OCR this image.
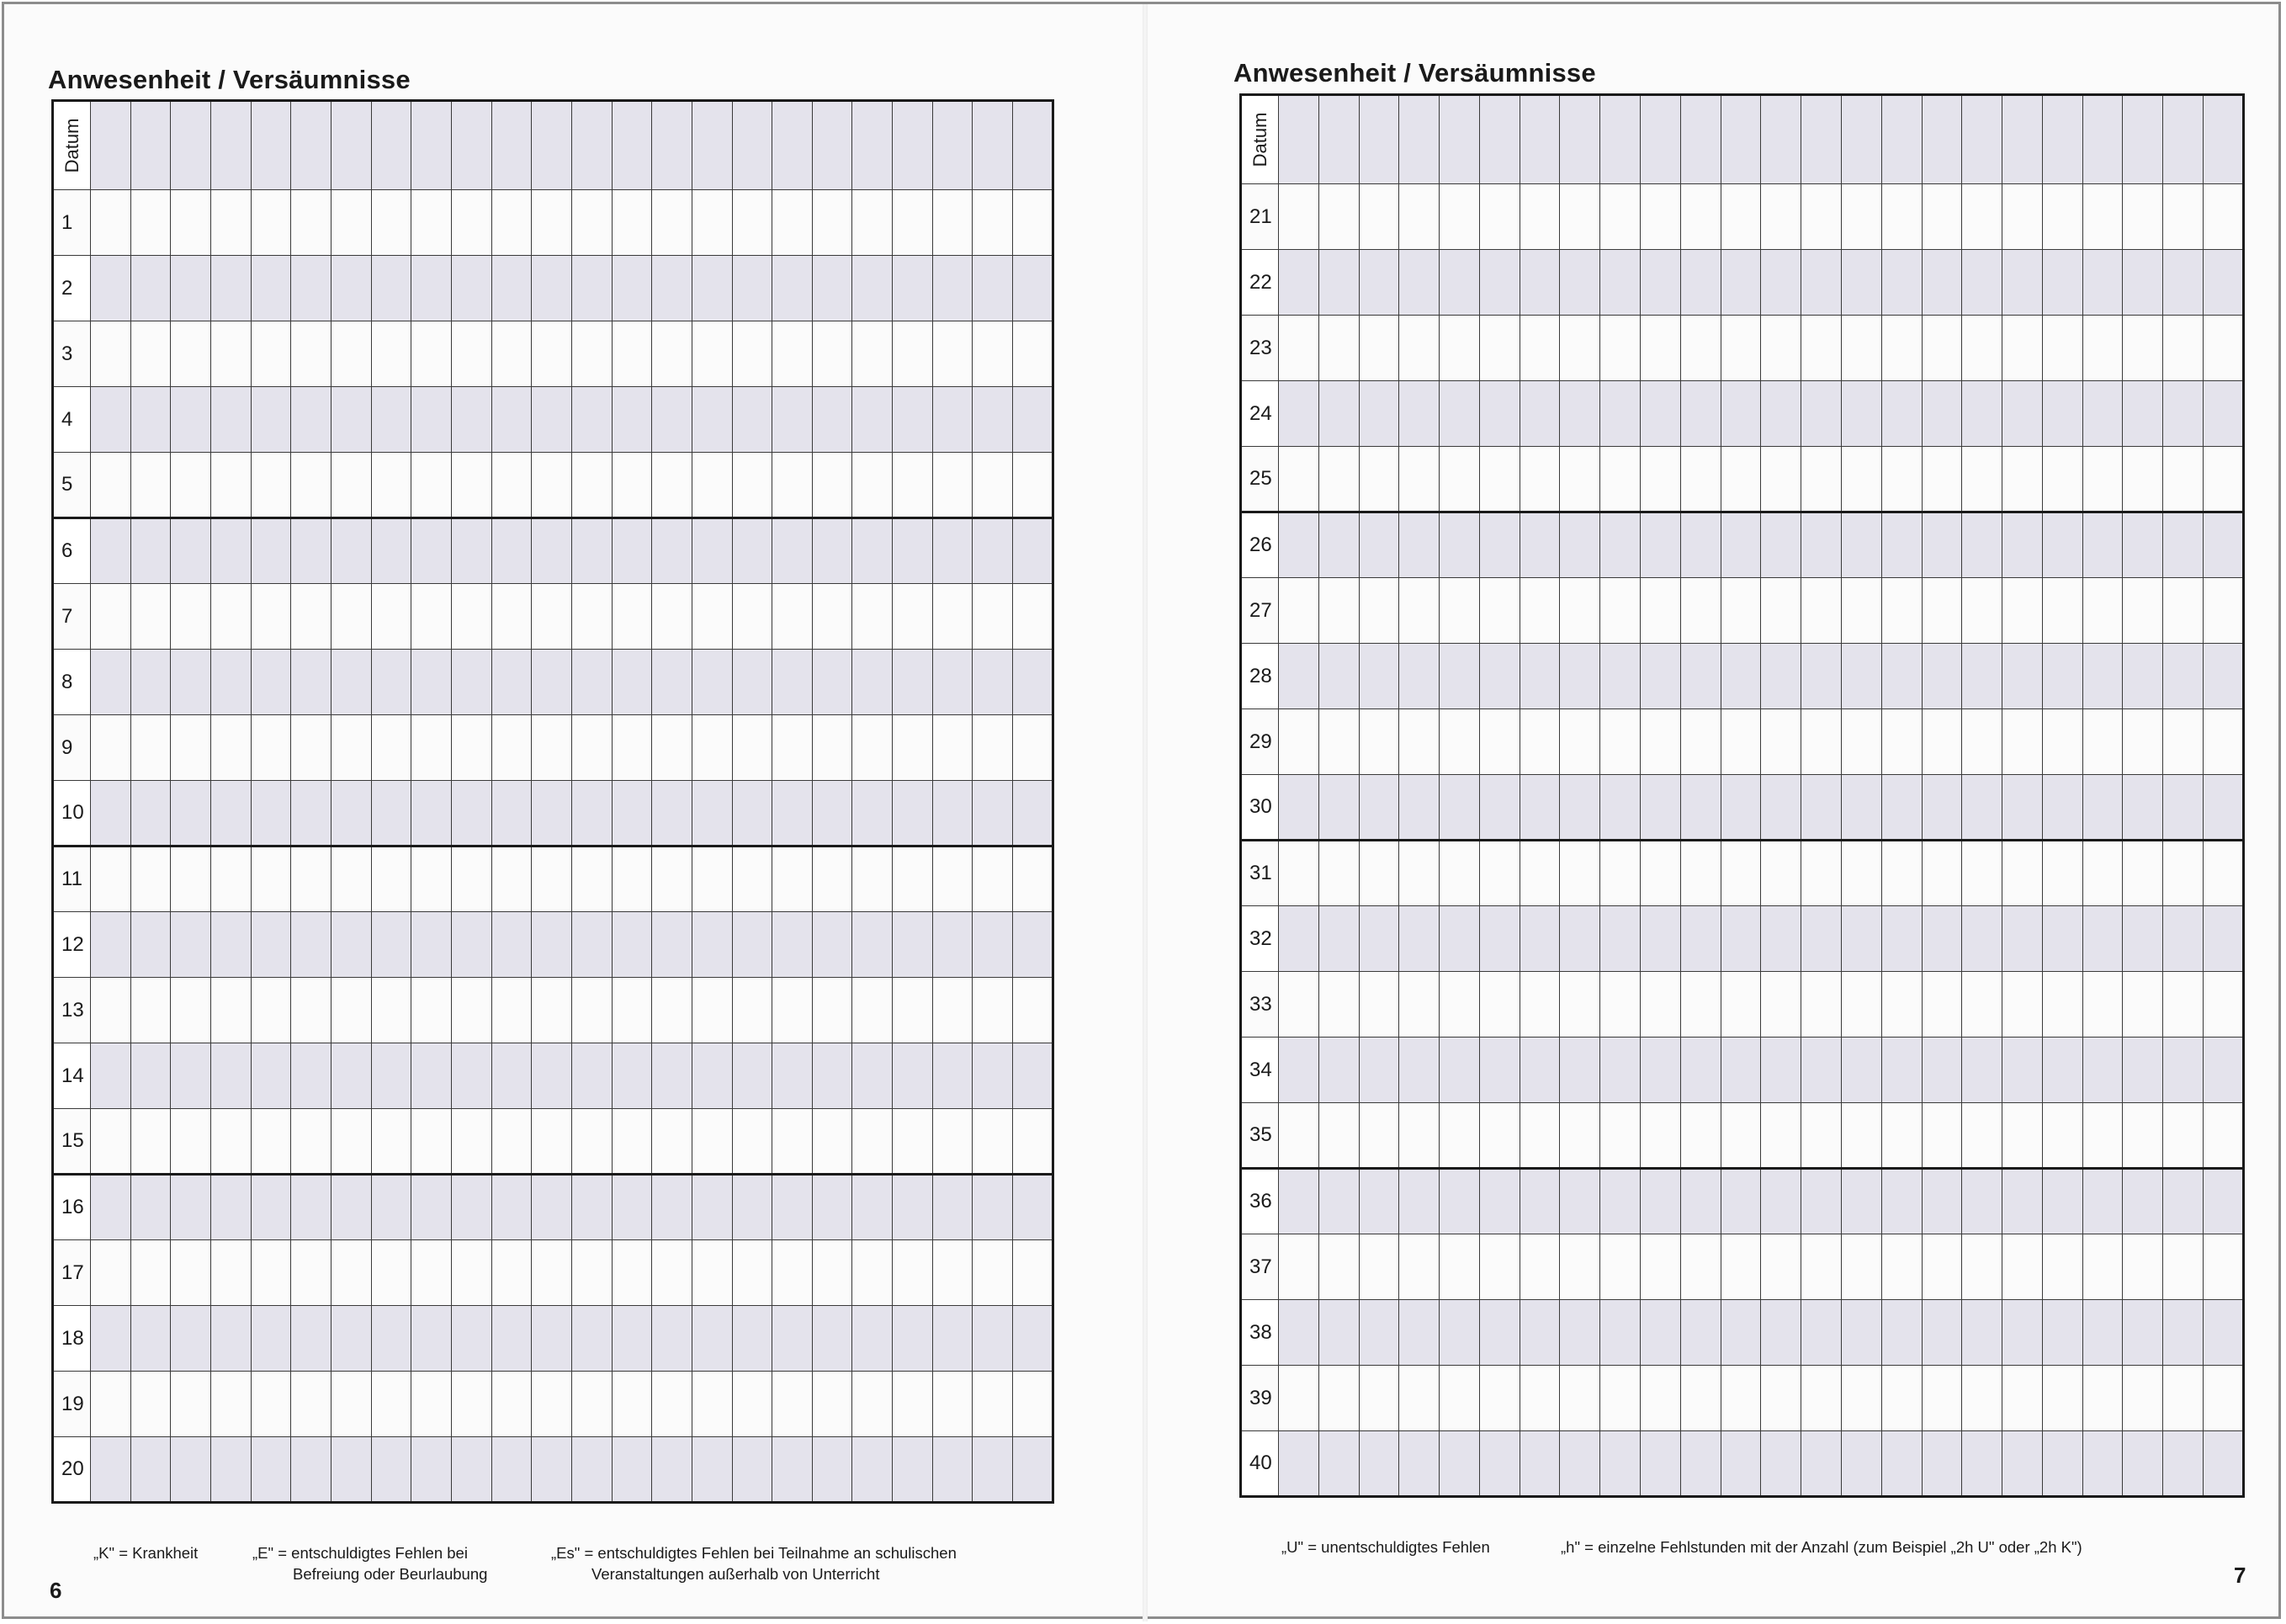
Anwesenheit / Versäumnisse
Datum																								

1																								
2																								
3																								
4																								
5																								
6																								
7																								
8																								
9																								
10																								
11																								
12																								
13																								
14																								
15																								
16																								
17																								
18																								
19																								
20																								
„K" = Krankheit	„E" = entschuldigtes Fehlen bei
Befreiung oder Beurlaubung
„Es" = entschuldigtes Fehlen bei Teilnahme an schulischen
Veranstaltungen außerhalb von Unterricht
6
Anwesenheit / Versäumnisse
Datum																								

21																								
22																								
23																								
24																								
25																								
26																								
27																								
28																								
29																								
30																								
31																								
32																								
33																								
34																								
35																								
36																								
37																								
38																								
39																								
40																								
„U" = unentschuldigtes Fehlen	„h" = einzelne Fehlstunden mit der Anzahl (zum Beispiel „2h U" oder „2h K")
7
